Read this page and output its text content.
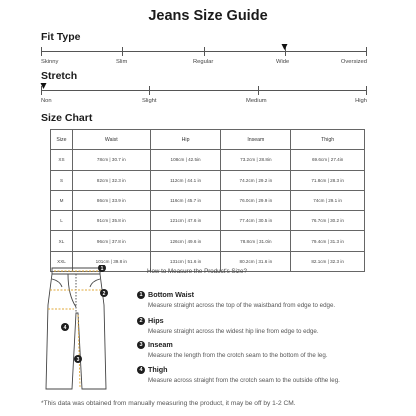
Jeans Size Guide
Fit Type
Skinny	Slim	Regular	Wide	Oversized
Stretch
Non	Slight	Medium	High
Size Chart
Size	Waist	Hip	Inseam	Thigh
XS	78cm | 30.7 in	108cm | 42.5in	73.2cm | 28.8in	69.6cm | 27.4in
S	82cm | 32.3 in	112cm | 44.1 in	74.2cm | 29.2 in	71.8cm | 28.3 in
M	86cm | 33.9 in	116cm | 45.7 in	76.0cm | 29.9 in	74cm | 29.1 in
L	91cm | 35.8 in	121cm | 47.6 in	77.4cm | 30.5 in	76.7cm | 30.2 in
XL	96cm | 37.8 in	126cm | 49.6 in	78.8cm | 31.0in	79.4cm | 31.3 in
XXL	101cm | 39.8 in	131cm | 51.6 in	80.2cm | 31.6 in	82.1cm | 32.3 in
1
2
4
3
How to Measure the Product's Size?
1 Bottom Waist
Measure straight across the top of the waistband from edge to edge.
2 Hips
Measure straight across the widest hip line from edge to edge.
3 Inseam
Measure the length from the crotch seam to the bottom of the leg.
4 Thigh
Measure across straight from the crotch seam to the outside ofthe leg.
*This data was obtained from manually measuring the product, it may be off by 1-2 CM.
